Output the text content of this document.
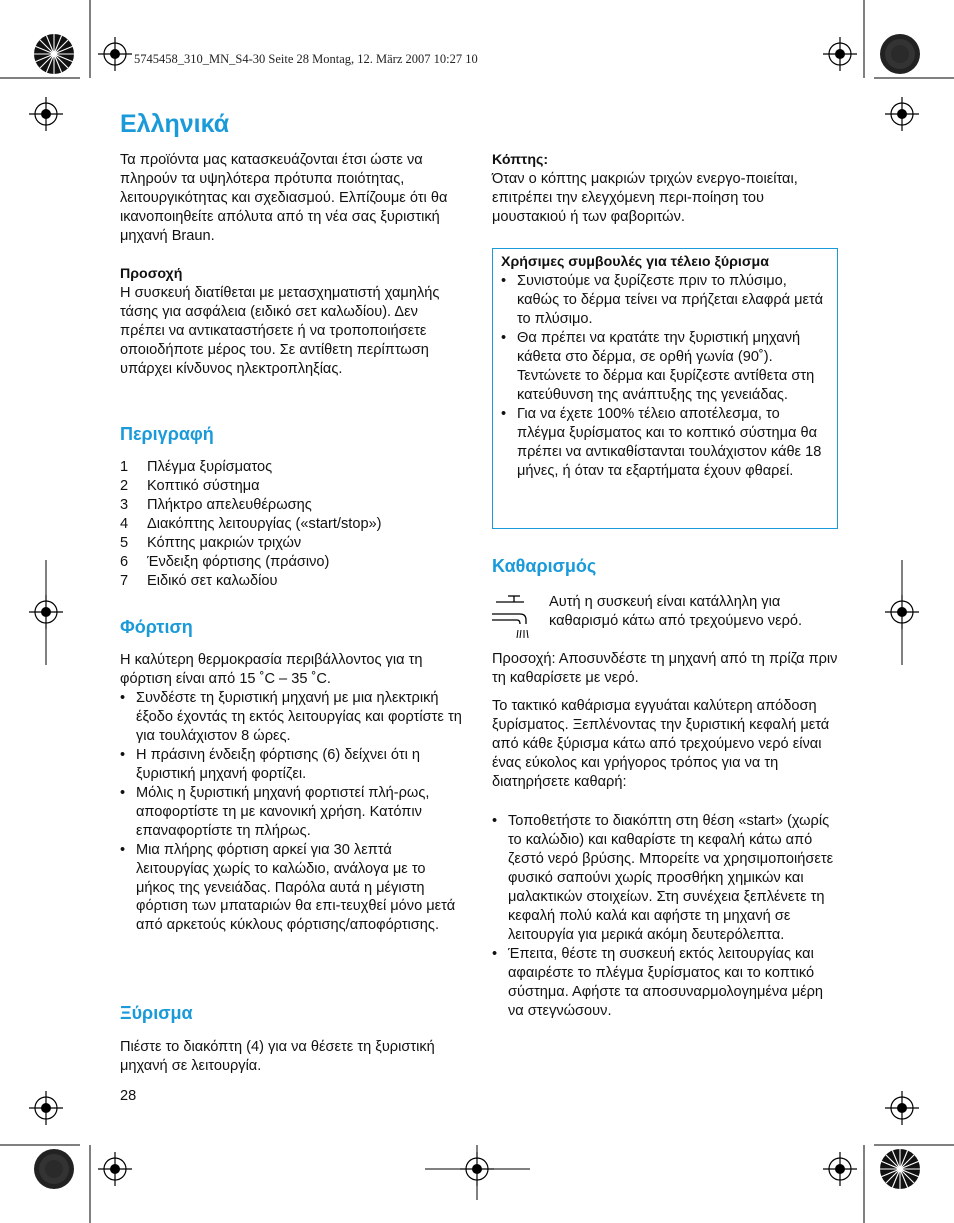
5745458_310_MN_S4-30 Seite 28 Montag, 12. März 2007 10:27 10
Ελληνικά

Τα προϊόντα μας κατασκευάζονται έτσι ώστε να πληρούν τα υψηλότερα πρότυπα ποιότητας, λειτουργικότητας και σχεδιασμού. Ελπίζουμε ότι θα ικανοποιηθείτε απόλυτα από τη νέα σας ξυριστική μηχανή Braun.

Προσοχή

Η συσκευή διατίθεται με μετασχηματιστή χαμηλής τάσης για ασφάλεια (ειδικό σετ καλωδίου). Δεν πρέπει να αντικαταστήσετε ή να τροποποιήσετε οποιοδήποτε μέρος του. Σε αντίθετη περίπτωση υπάρχει κίνδυνος ηλεκτροπληξίας.

Περιγραφή
1	Πλέγμα ξυρίσματος
2	Κοπτικό σύστημα
3	Πλήκτρο απελευθέρωσης
4	Διακόπτης λειτουργίας («start/stop»)
5	Κόπτης μακριών τριχών
6	Ένδειξη φόρτισης (πράσινο)
7	Ειδικό σετ καλωδίου
Φόρτιση

Η καλύτερη θερμοκρασία περιβάλλοντος για τη φόρτιση είναι από 15 ˚C – 35 ˚C.

• Συνδέστε τη ξυριστική μηχανή με μια ηλεκτρική έξοδο έχοντάς τη εκτός λειτουργίας και φορτίστε τη για τουλάχιστον 8 ώρες.
• Η πράσινη ένδειξη φόρτισης (6) δείχνει ότι η ξυριστική μηχανή φορτίζει.
• Μόλις η ξυριστική μηχανή φορτιστεί πλή-ρως, αποφορτίστε τη με κανονική χρήση. Κατόπιν επαναφορτίστε τη πλήρως.
• Μια πλήρης φόρτιση αρκεί για 30 λεπτά λειτουργίας χωρίς το καλώδιο, ανάλογα με το μήκος της γενειάδας. Παρόλα αυτά η μέγιστη φόρτιση των μπαταριών θα επι-τευχθεί μόνο μετά από αρκετούς κύκλους φόρτισης/αποφόρτισης.
Ξύρισμα

Πιέστε το διακόπτη (4) για να θέσετε τη ξυριστική μηχανή σε λειτουργία.

28
Κόπτης:

Όταν ο κόπτης μακριών τριχών ενεργο-ποιείται, επιτρέπει την ελεγχόμενη περι-ποίηση του μουστακιού ή των φαβοριτών.

Χρήσιμες συμβουλές για τέλειο ξύρισμα
• Συνιστούμε να ξυρίζεστε πριν το πλύσιμο, καθώς το δέρμα τείνει να πρήζεται ελαφρά μετά το πλύσιμο.
• Θα πρέπει να κρατάτε την ξυριστική μηχανή κάθετα στο δέρμα, σε ορθή γωνία (90˚). Τεντώνετε το δέρμα και ξυρίζεστε αντίθετα στη κατεύθυνση της ανάπτυξης της γενειάδας.
• Για να έχετε 100% τέλειο αποτέλεσμα, το πλέγμα ξυρίσματος και το κοπτικό σύστημα θα πρέπει να αντικαθίστανται τουλάχιστον κάθε 18 μήνες, ή όταν τα εξαρτήματα έχουν φθαρεί.
Καθαρισμός

Αυτή η συσκευή είναι κατάλληλη για καθαρισμό κάτω από τρεχούμενο νερό.

Προσοχή: Αποσυνδέστε τη μηχανή από τη πρίζα πριν τη καθαρίσετε με νερό.

Το τακτικό καθάρισμα εγγυάται καλύτερη απόδοση ξυρίσματος. Ξεπλένοντας την ξυριστική κεφαλή μετά από κάθε ξύρισμα κάτω από τρεχούμενο νερό είναι ένας εύκολος και γρήγορος τρόπος για να τη διατηρήσετε καθαρή:

• Τοποθετήστε το διακόπτη στη θέση «start» (χωρίς το καλώδιο) και καθαρίστε τη κεφαλή κάτω από ζεστό νερό βρύσης. Μπορείτε να χρησιμοποιήσετε φυσικό σαπούνι χωρίς προσθήκη χημικών και μαλακτικών στοιχείων. Στη συνέχεια ξεπλένετε τη κεφαλή πολύ καλά και αφήστε τη μηχανή σε λειτουργία για μερικά ακόμη δευτερόλεπτα.
• Έπειτα, θέστε τη συσκευή εκτός λειτουργίας και αφαιρέστε το πλέγμα ξυρίσματος και το κοπτικό σύστημα. Αφήστε τα αποσυναρμολογημένα μέρη να στεγνώσουν.
